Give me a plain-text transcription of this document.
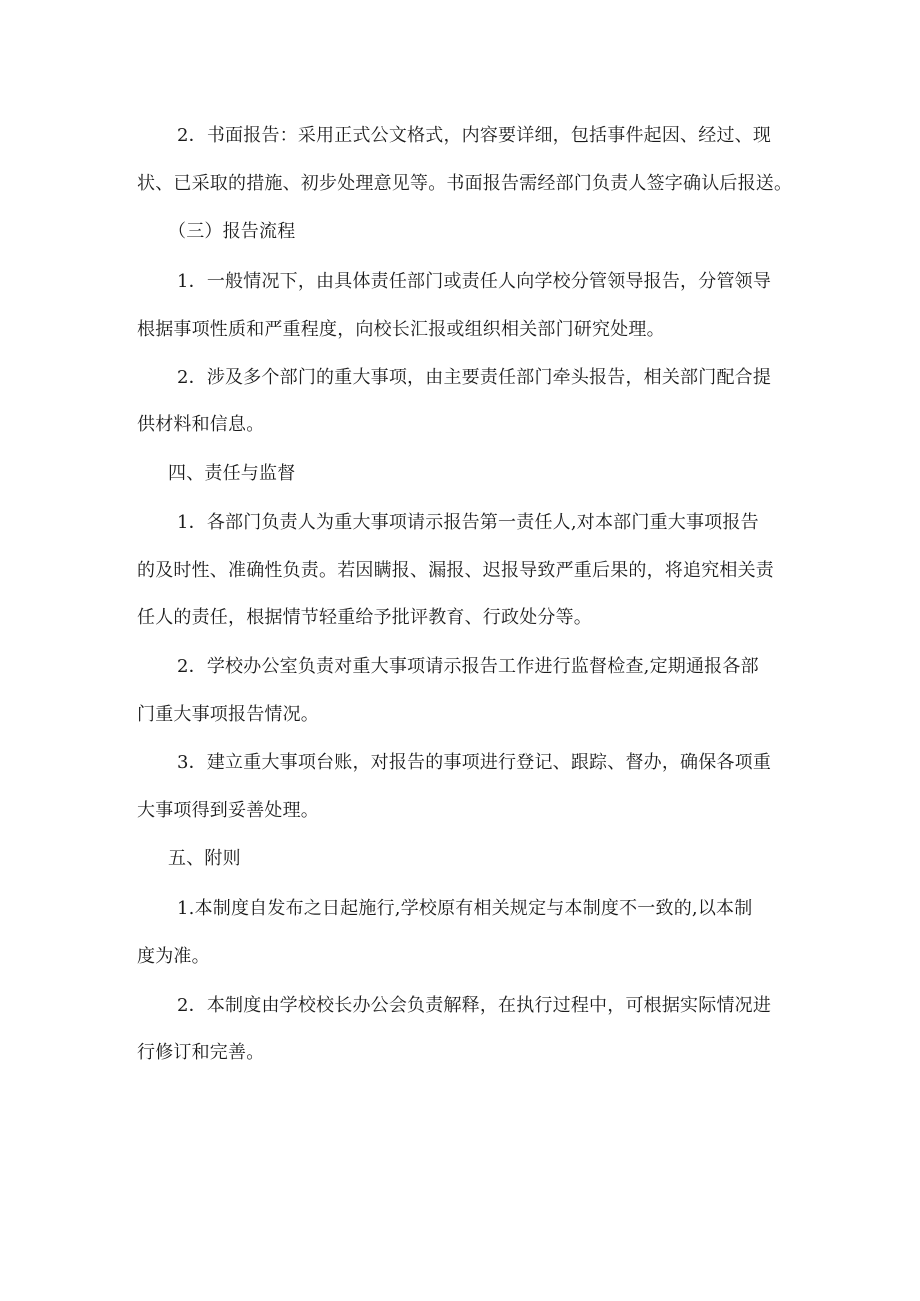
2．书面报告：采用正式公文格式，内容要详细，包括事件起因、经过、现

状、已采取的措施、初步处理意见等。书面报告需经部门负责人签字确认后报送。

（三）报告流程

1．一般情况下，由具体责任部门或责任人向学校分管领导报告，分管领导

根据事项性质和严重程度，向校长汇报或组织相关部门研究处理。

2．涉及多个部门的重大事项，由主要责任部门牵头报告，相关部门配合提

供材料和信息。

四、责任与监督

1．各部门负责人为重大事项请示报告第一责任人,对本部门重大事项报告

的及时性、准确性负责。若因瞒报、漏报、迟报导致严重后果的，将追究相关责

任人的责任，根据情节轻重给予批评教育、行政处分等。

2．学校办公室负责对重大事项请示报告工作进行监督检查,定期通报各部

门重大事项报告情况。

3．建立重大事项台账，对报告的事项进行登记、跟踪、督办，确保各项重

大事项得到妥善处理。

五、附则

1.本制度自发布之日起施行,学校原有相关规定与本制度不一致的,以本制

度为准。

2．本制度由学校校长办公会负责解释，在执行过程中，可根据实际情况进

行修订和完善。
